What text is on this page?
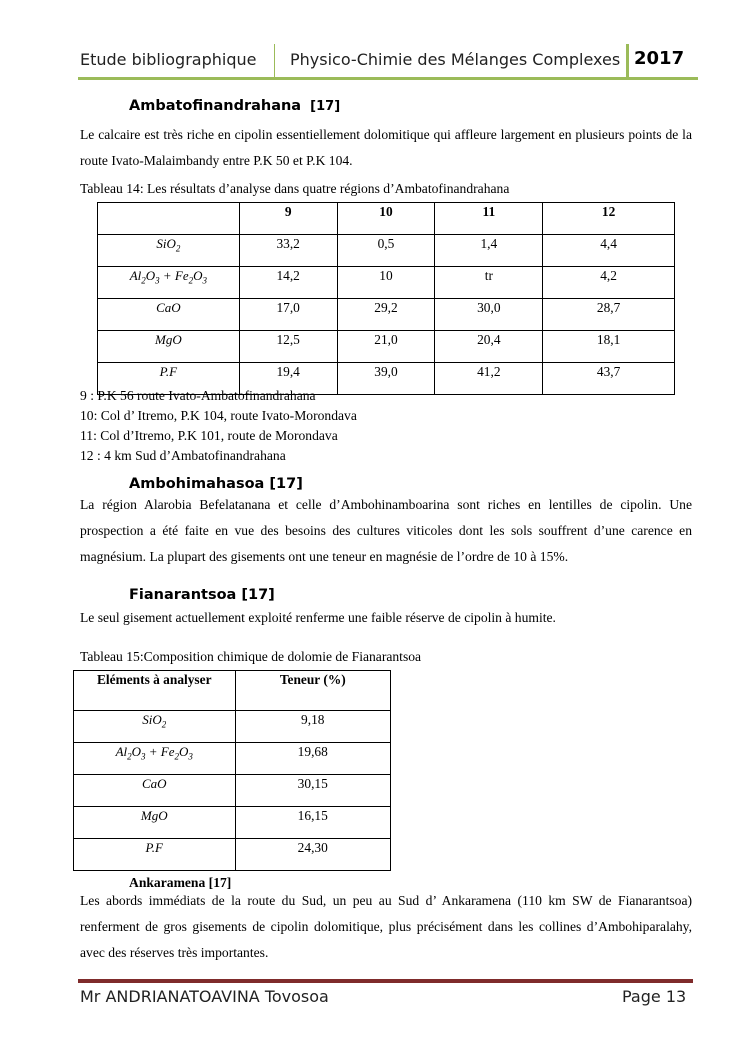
Etude bibliographique Physico-Chimie des Mélanges Complexes 2017
Ambatofinandrahana [17]
Le calcaire est très riche en cipolin essentiellement dolomitique qui affleure largement en plusieurs points de la route Ivato-Malaimbandy entre P.K 50 et P.K 104.
Tableau 14: Les résultats d’analyse dans quatre régions d’Ambatofinandrahana
	9	10	11	12
SiO$_2$	33,2	0,5	1,4	4,4
$Al_2O_3 + Fe_2O_3$	14,2	10	tr	4,2
CaO	17,0	29,2	30,0	28,7
MgO	12,5	21,0	20,4	18,1
P.F	19,4	39,0	41,2	43,7
9 : P.K 56 route Ivato-Ambatofinandrahana
10: Col d’ Itremo, P.K 104, route Ivato-Morondava
11: Col d’Itremo, P.K 101, route de Morondava
12 : 4 km Sud d’Ambatofinandrahana
Ambohimahasoa [17]
La région Alarobia Befelatanana et celle d’Ambohinamboarina sont riches en lentilles de cipolin. Une prospection a été faite en vue des besoins des cultures viticoles dont les sols souffrent d’une carence en magnésium. La plupart des gisements ont une teneur en magnésie de l’ordre de 10 à 15%.
Fianarantsoa [17]
Le seul gisement actuellement exploité renferme une faible réserve de cipolin à humite.
Tableau 15:Composition chimique de dolomie de Fianarantsoa
Eléments à analyser	Teneur (%)
SiO$_2$	9,18
$Al_2O_3 + Fe_2O_3$	19,68
CaO	30,15
MgO	16,15
P.F	24,30
Ankaramena [17]
Les abords immédiats de la route du Sud, un peu au Sud d’ Ankaramena (110 km SW de Fianarantsoa) renferment de gros gisements de cipolin dolomitique, plus précisément dans les collines d’Ambohiparalahy, avec des réserves très importantes.
Mr ANDRIANATOAVINA Tovosoa	Page 13
